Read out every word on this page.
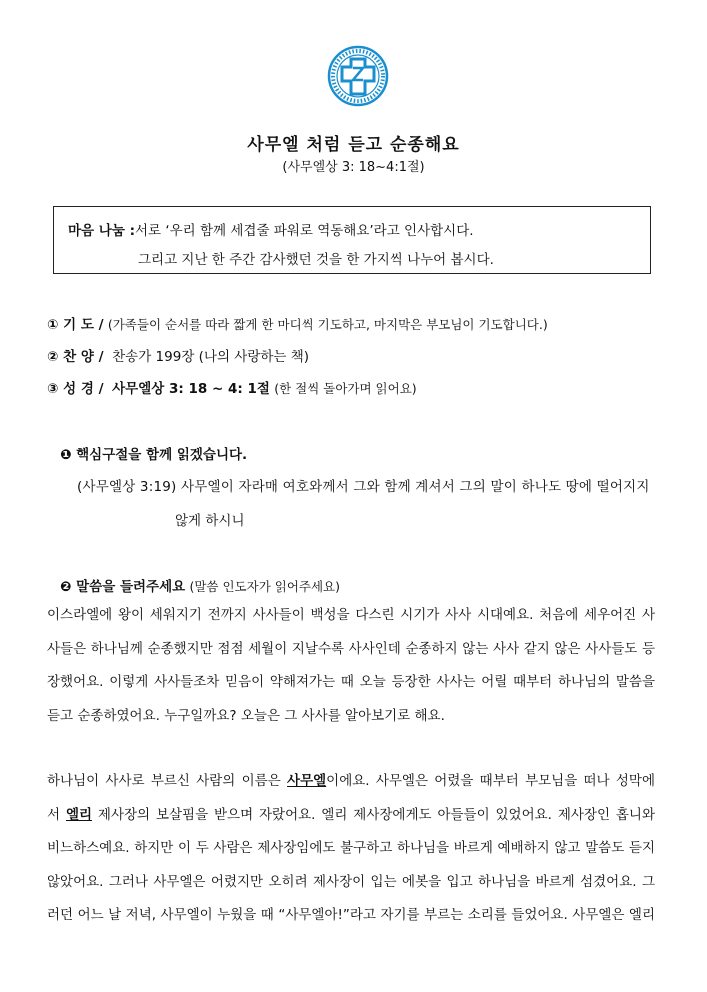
사무엘 처럼 듣고 순종해요
(사무엘상 3: 18~4:1절)
마음 나눔 :서로 ‘우리 함께 세겹줄 파워로 역동해요’라고 인사합시다.
그리고 지난 한 주간 감사했던 것을 한 가지씩 나누어 봅시다.
① 기 도 / (가족들이 순서를 따라 짧게 한 마디씩 기도하고, 마지막은 부모님이 기도합니다.)
② 찬 양 / 찬송가 199장 (나의 사랑하는 책)
③ 성 경 / 사무엘상 3: 18 ~ 4: 1절 (한 절씩 돌아가며 읽어요)
❶ 핵심구절을 함께 읽겠습니다.
(사무엘상 3:19) 사무엘이 자라매 여호와께서 그와 함께 계셔서 그의 말이 하나도 땅에 떨어지지
않게 하시니
❷ 말씀을 들려주세요 (말씀 인도자가 읽어주세요)
이스라엘에 왕이 세워지기 전까지 사사들이 백성을 다스린 시기가 사사 시대예요. 처음에 세우어진 사
사들은 하나님께 순종했지만 점점 세월이 지날수록 사사인데 순종하지 않는 사사 같지 않은 사사들도 등
장했어요. 이렇게 사사들조차 믿음이 약해져가는 때 오늘 등장한 사사는 어릴 때부터 하나님의 말씀을
듣고 순종하였어요. 누구일까요? 오늘은 그 사사를 알아보기로 해요.
하나님이 사사로 부르신 사람의 이름은 사무엘이에요. 사무엘은 어렸을 때부터 부모님을 떠나 성막에
서 엘리 제사장의 보살핌을 받으며 자랐어요. 엘리 제사장에게도 아들들이 있었어요. 제사장인 홉니와
비느하스예요. 하지만 이 두 사람은 제사장임에도 불구하고 하나님을 바르게 예배하지 않고 말씀도 듣지
않았어요. 그러나 사무엘은 어렸지만 오히려 제사장이 입는 에봇을 입고 하나님을 바르게 섬겼어요. 그
러던 어느 날 저녁, 사무엘이 누웠을 때 “사무엘아!”라고 자기를 부르는 소리를 들었어요. 사무엘은 엘리
